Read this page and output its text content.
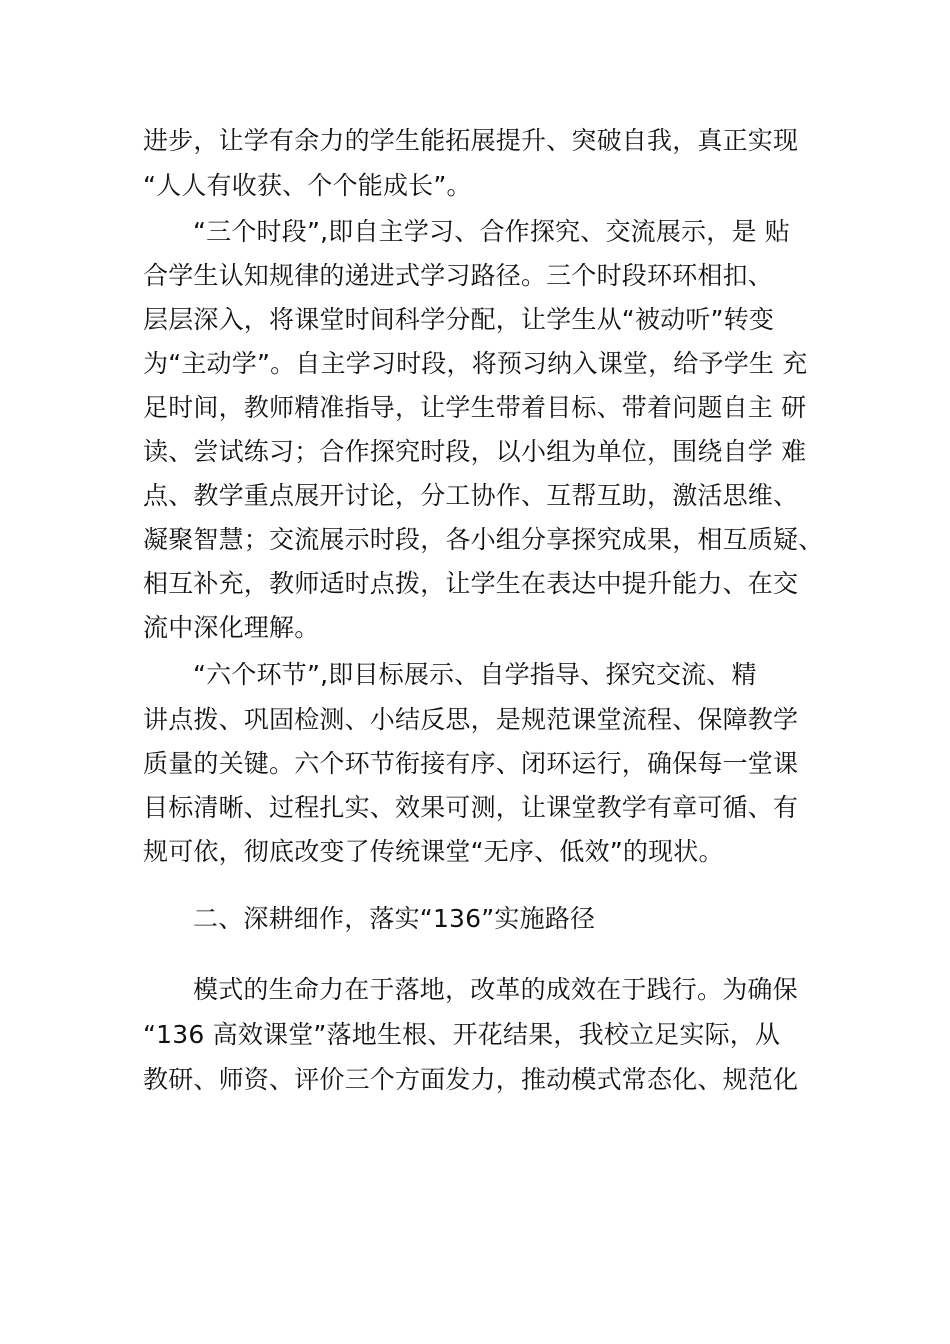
进步，让学有余力的学生能拓展提升、突破自我，真正实现
“人人有收获、个个能成长”。
“三个时段”,即自主学习、合作探究、交流展示，是 贴
合学生认知规律的递进式学习路径。三个时段环环相扣、
层层深入，将课堂时间科学分配，让学生从“被动听”转变
为“主动学”。自主学习时段，将预习纳入课堂，给予学生 充
足时间，教师精准指导，让学生带着目标、带着问题自主 研
读、尝试练习；合作探究时段，以小组为单位，围绕自学 难
点、教学重点展开讨论，分工协作、互帮互助，激活思维、
凝聚智慧；交流展示时段，各小组分享探究成果，相互质疑、
相互补充，教师适时点拨，让学生在表达中提升能力、在交
流中深化理解。
“六个环节”,即目标展示、自学指导、探究交流、精
讲点拨、巩固检测、小结反思，是规范课堂流程、保障教学
质量的关键。六个环节衔接有序、闭环运行，确保每一堂课
目标清晰、过程扎实、效果可测，让课堂教学有章可循、有
规可依，彻底改变了传统课堂“无序、低效”的现状。
二、深耕细作，落实“136”实施路径
模式的生命力在于落地，改革的成效在于践行。为确保
“136 高效课堂”落地生根、开花结果，我校立足实际，从
教研、师资、评价三个方面发力，推动模式常态化、规范化
